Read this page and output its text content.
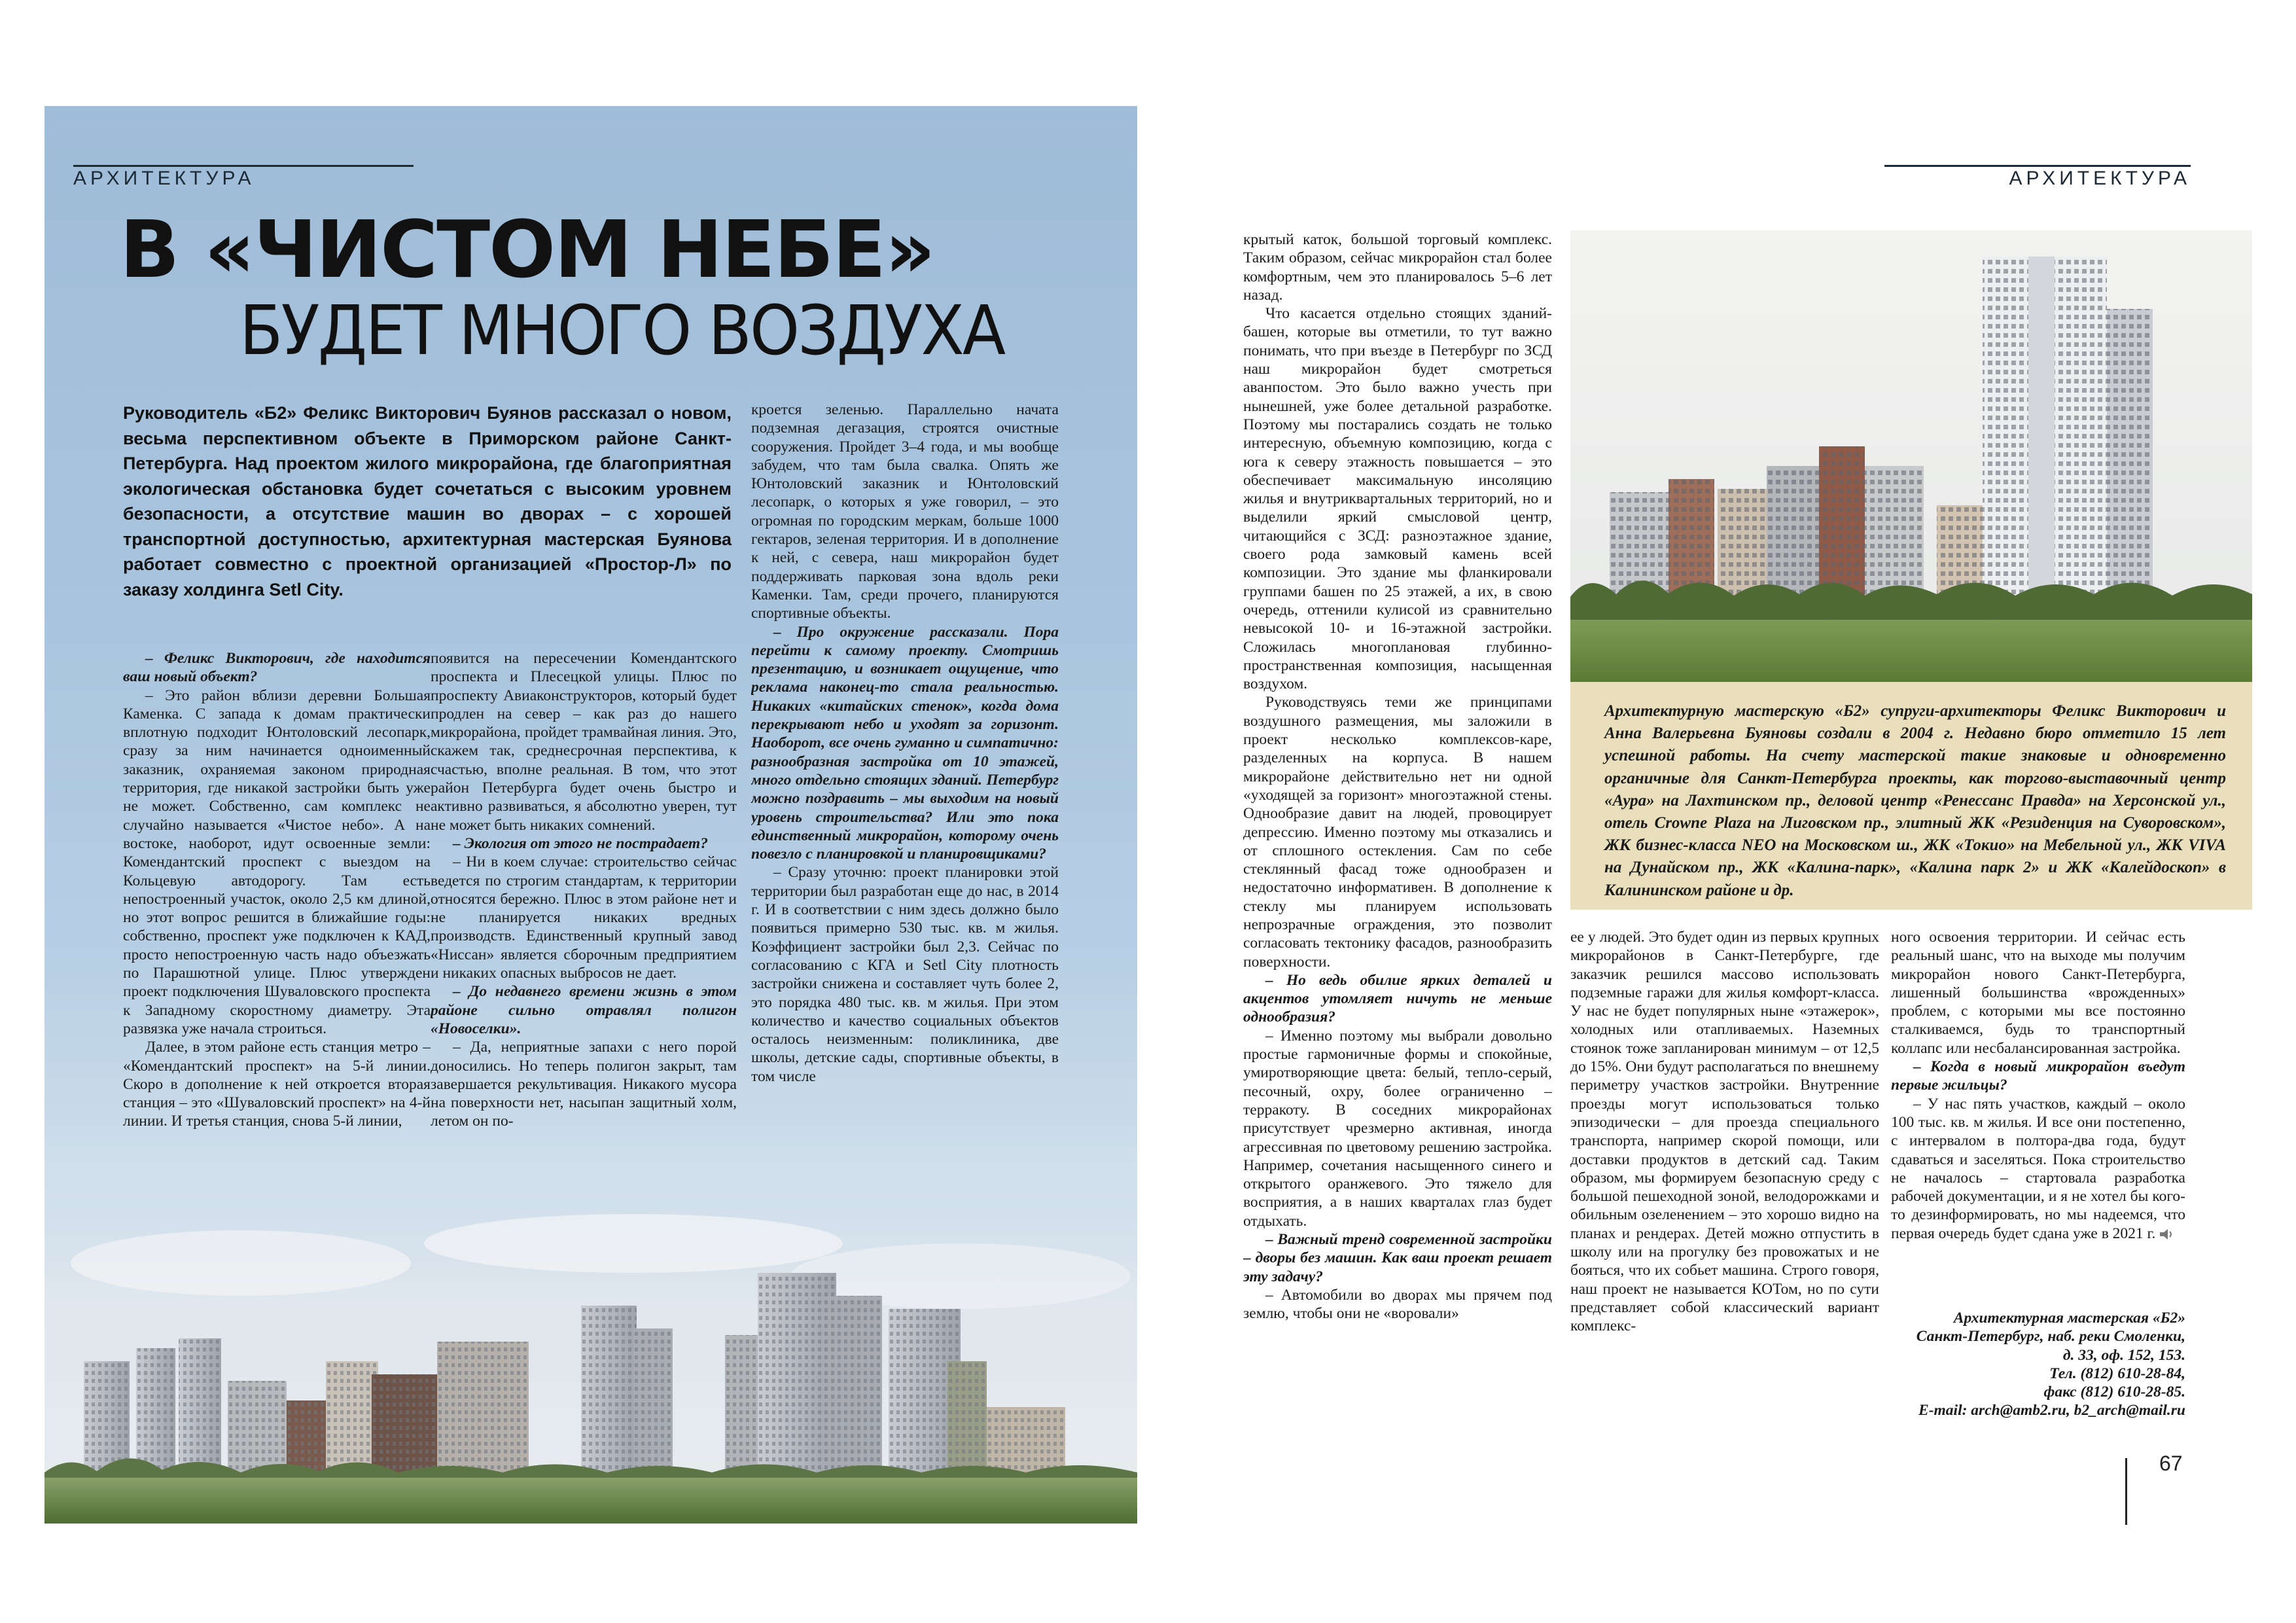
АРХИТЕКТУРА
В «ЧИСТОМ НЕБЕ»
БУДЕТ МНОГО ВОЗДУХА
Руководитель «Б2» Феликс Викторович Буянов рассказал о новом, весьма перспективном объекте в Приморском районе Санкт-Петербурга. Над проектом жилого микрорайона, где благоприятная экологическая обстановка будет сочетаться с высоким уровнем безопасности, а отсутствие машин во дворах – с хорошей транспортной доступностью, архитектурная мастерская Буянова работает совместно с проектной организацией «Простор-Л» по заказу холдинга Setl City.

– Феликс Викторович, где находится ваш новый объект?

– Это район вблизи деревни Большая Каменка. С запада к домам практически вплотную подходит Юнтоловский лесопарк, сразу за ним начинается одноименный заказник, охраняемая законом природная территория, где никакой застройки быть уже не может. Собственно, сам комплекс не случайно называется «Чистое небо». А на востоке, наоборот, идут освоенные земли: Комендантский проспект с выездом на Кольцевую автодорогу. Там есть непостроенный участок, около 2,5 км длиной, но этот вопрос решится в ближайшие годы: собственно, проспект уже подключен к КАД, просто непостроенную часть надо объезжать по Парашютной улице. Плюс утвержден проект подключения Шуваловского проспекта к Западному скоростному диаметру. Эта развязка уже начала строиться.

Далее, в этом районе есть станция метро – «Комендантский проспект» на 5-й линии. Скоро в дополнение к ней откроется вторая станция – это «Шуваловский проспект» на 4-й линии. И третья станция, снова 5-й линии,

появится на пересечении Комендантского проспекта и Плесецкой улицы. Плюс по проспекту Авиаконструкторов, который будет продлен на север – как раз до нашего микрорайона, пройдет трамвайная линия. Это, скажем так, среднесрочная перспектива, к счастью, вполне реальная. В том, что этот район Петербурга будет очень быстро и активно развиваться, я абсолютно уверен, тут не может быть никаких сомнений.

– Экология от этого не пострадает?

– Ни в коем случае: строительство сейчас ведется по строгим стандартам, к территории относятся бережно. Плюс в этом районе нет и не планируется никаких вредных производств. Единственный крупный завод «Ниссан» является сборочным предприятием и никаких опасных выбросов не дает.

– До недавнего времени жизнь в этом районе сильно отравлял полигон «Новоселки».

– Да, неприятные запахи с него порой доносились. Но теперь полигон закрыт, там завершается рекультивация. Никакого мусора на поверхности нет, насыпан защитный холм, летом он по-

кроется зеленью. Параллельно начата подземная дегазация, строятся очистные сооружения. Пройдет 3–4 года, и мы вообще забудем, что там была свалка. Опять же Юнтоловский заказник и Юнтоловский лесопарк, о которых я уже говорил, – это огромная по городским меркам, больше 1000 гектаров, зеленая территория. И в дополнение к ней, с севера, наш микрорайон будет поддерживать парковая зона вдоль реки Каменки. Там, среди прочего, планируются спортивные объекты.

– Про окружение рассказали. Пора перейти к самому проекту. Смотришь презентацию, и возникает ощущение, что реклама наконец-то стала реальностью. Никаких «китайских стенок», когда дома перекрывают небо и уходят за горизонт. Наоборот, все очень гуманно и симпатично: разнообразная застройка от 10 этажей, много отдельно стоящих зданий. Петербург можно поздравить – мы выходим на новый уровень строительства? Или это пока единственный микрорайон, которому очень повезло с планировкой и планировщиками?

– Сразу уточню: проект планировки этой территории был разработан еще до нас, в 2014 г. И в соответствии с ним здесь должно было появиться примерно 530 тыс. кв. м жилья. Коэффициент застройки был 2,3. Сейчас по согласованию с КГА и Setl City плотность застройки снижена и составляет чуть более 2, это порядка 480 тыс. кв. м жилья. При этом количество и качество социальных объектов осталось неизменным: поликлиника, две школы, детские сады, спортивные объекты, в том числе

АРХИТЕКТУРА

Архитектурную мастерскую «Б2» супруги-архитекторы Феликс Викторович и Анна Валерьевна Буяновы создали в 2004 г. Недавно бюро отметило 15 лет успешной работы. На счету мастерской такие знаковые и одновременно органичные для Санкт-Петербурга проекты, как торгово-выставочный центр «Аура» на Лахтинском пр., деловой центр «Ренессанс Правда» на Херсонской ул., отель Crowne Plaza на Лиговском пр., элитный ЖК «Резиденция на Суворовском», ЖК бизнес-класса NEO на Московском ш., ЖК «Токио» на Мебельной ул., ЖК VIVA на Дунайском пр., ЖК «Калина-парк», «Калина парк 2» и ЖК «Калейдоскоп» в Калининском районе и др.

крытый каток, большой торговый комплекс. Таким образом, сейчас микрорайон стал более комфортным, чем это планировалось 5–6 лет назад.

Что касается отдельно стоящих зданий-башен, которые вы отметили, то тут важно понимать, что при въезде в Петербург по ЗСД наш микрорайон будет смотреться аванпостом. Это было важно учесть при нынешней, уже более детальной разработке. Поэтому мы постарались создать не только интересную, объемную композицию, когда с юга к северу этажность повышается – это обеспечивает максимальную инсоляцию жилья и внутриквартальных территорий, но и выделили яркий смысловой центр, читающийся с ЗСД: разноэтажное здание, своего рода замковый камень всей композиции. Это здание мы фланкировали группами башен по 25 этажей, а их, в свою очередь, оттенили кулисой из сравнительно невысокой 10- и 16-этажной застройки. Сложилась многоплановая глубинно-пространственная композиция, насыщенная воздухом.

Руководствуясь теми же принципами воздушного размещения, мы заложили в проект несколько комплексов-каре, разделенных на корпуса. В нашем микрорайоне действительно нет ни одной «уходящей за горизонт» многоэтажной стены. Однообразие давит на людей, провоцирует депрессию. Именно поэтому мы отказались и от сплошного остекления. Сам по себе стеклянный фасад тоже однообразен и недостаточно информативен. В дополнение к стеклу мы планируем использовать непрозрачные ограждения, это позволит согласовать тектонику фасадов, разнообразить поверхности.

– Но ведь обилие ярких деталей и акцентов утомляет ничуть не меньше однообразия?

– Именно поэтому мы выбрали довольно простые гармоничные формы и спокойные, умиротворяющие цвета: белый, тепло-серый, песочный, охру, более ограниченно – терракоту. В соседних микрорайонах присутствует чрезмерно активная, иногда агрессивная по цветовому решению застройка. Например, сочетания насыщенного синего и открытого оранжевого. Это тяжело для восприятия, а в наших кварталах глаз будет отдыхать.

– Важный тренд современной застройки – дворы без машин. Как ваш проект решает эту задачу?

– Автомобили во дворах мы прячем под землю, чтобы они не «воровали»

ее у людей. Это будет один из первых крупных микрорайонов в Санкт-Петербурге, где заказчик решился массово использовать подземные гаражи для жилья комфорт-класса. У нас не будет популярных ныне «этажерок», холодных или отапливаемых. Наземных стоянок тоже запланирован минимум – от 12,5 до 15%. Они будут располагаться по внешнему периметру участков застройки. Внутренние проезды могут использоваться только эпизодически – для проезда специального транспорта, например скорой помощи, или доставки продуктов в детский сад. Таким образом, мы формируем безопасную среду с большой пешеходной зоной, велодорожками и обильным озеленением – это хорошо видно на планах и рендерах. Детей можно отпустить в школу или на прогулку без провожатых и не бояться, что их собьет машина. Строго говоря, наш проект не называется КОТом, но по сути представляет собой классический вариант комплекс-

ного освоения территории. И сейчас есть реальный шанс, что на выходе мы получим микрорайон нового Санкт-Петербурга, лишенный большинства «врожденных» проблем, с которыми мы все постоянно сталкиваемся, будь то транспортный коллапс или несбалансированная застройка.

– Когда в новый микрорайон въедут первые жильцы?

– У нас пять участков, каждый – около 100 тыс. кв. м жилья. И все они постепенно, с интервалом в полтора-два года, будут сдаваться и заселяться. Пока строительство не началось – стартовала разработка рабочей документации, и я не хотел бы кого-то дезинформировать, но мы надеемся, что первая очередь будет сдана уже в 2021 г.

Архитектурная мастерская «Б2»
Санкт-Петербург, наб. реки Смоленки,
д. 33, оф. 152, 153.
Тел. (812) 610-28-84,
факс (812) 610-28-85.
E-mail: arch@amb2.ru, b2_arch@mail.ru
67
